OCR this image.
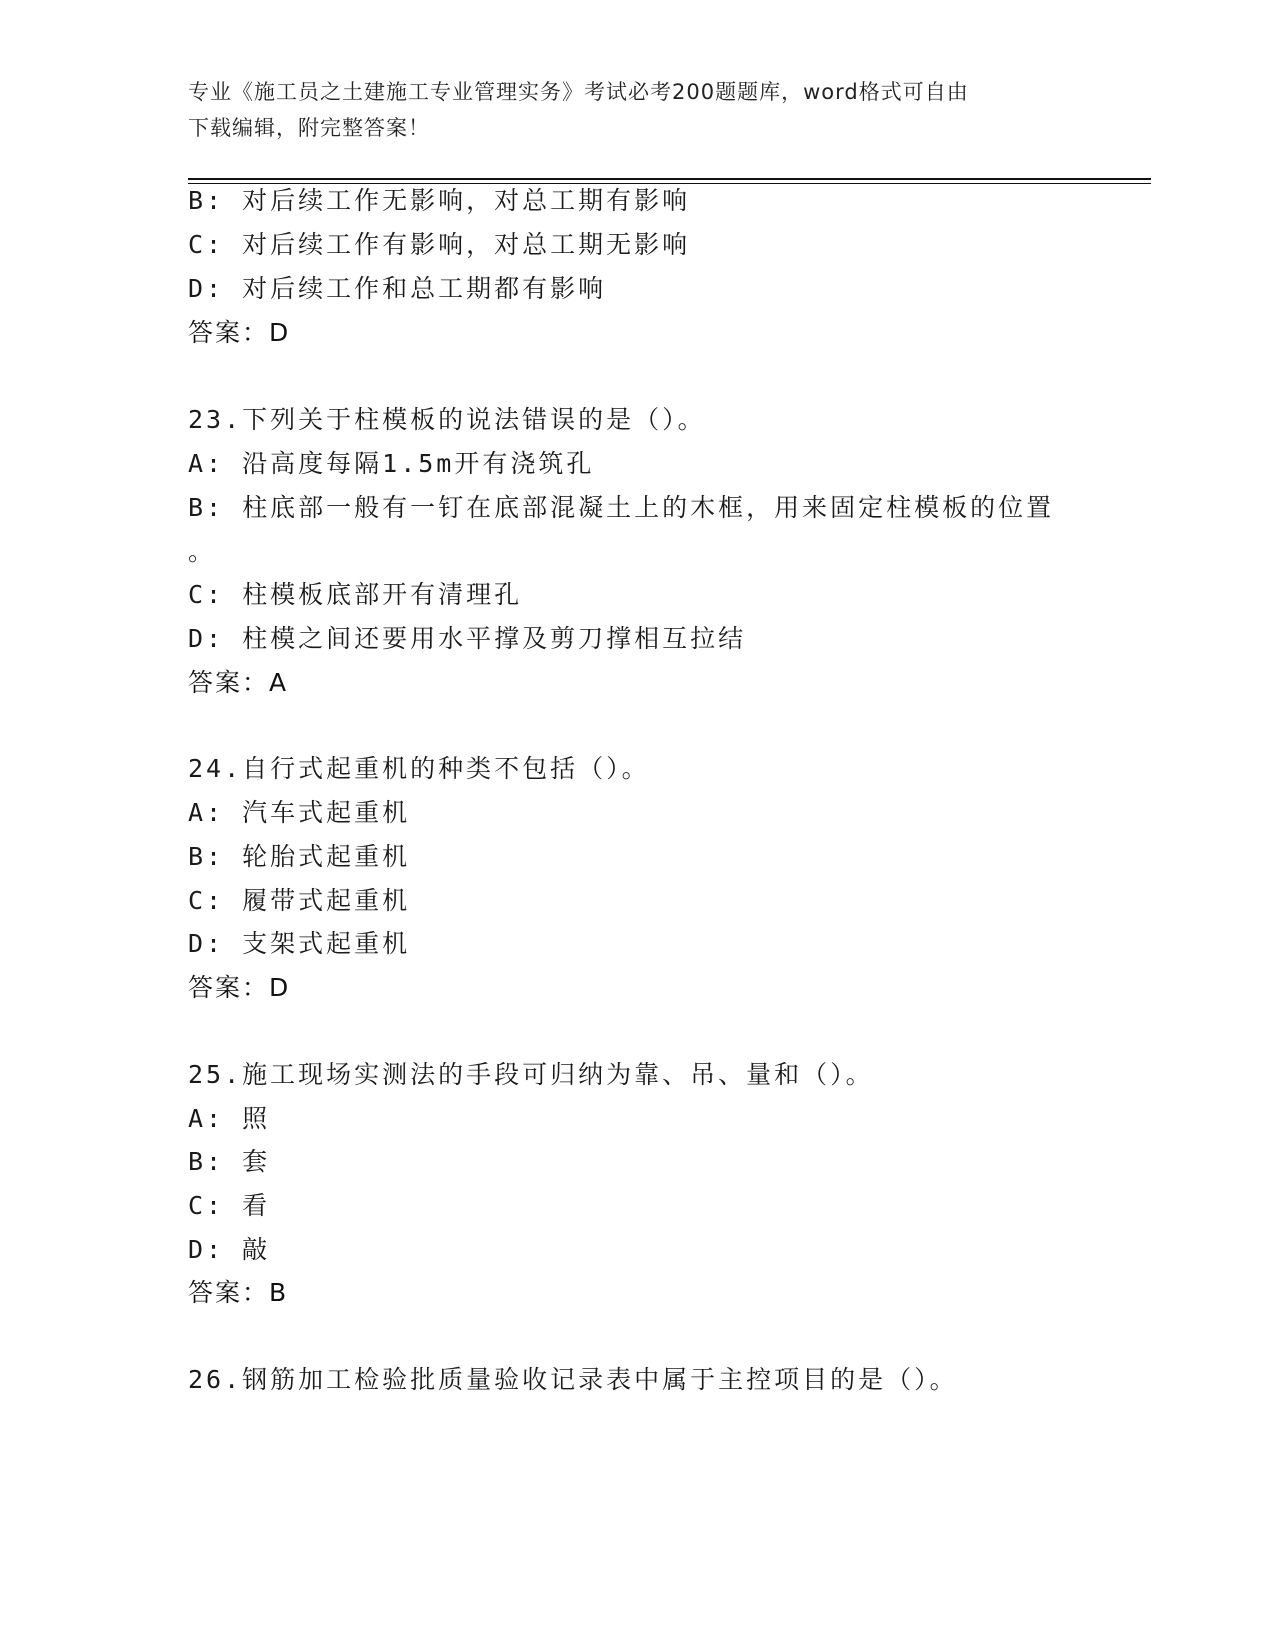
专业《施工员之土建施工专业管理实务》考试必考200题题库，word格式可自由
下载编辑，附完整答案！
B: 对后续工作无影响，对总工期有影响
C: 对后续工作有影响，对总工期无影响
D: 对后续工作和总工期都有影响
答案：D
23.下列关于柱模板的说法错误的是（）。
A: 沿高度每隔1.5m开有浇筑孔
B: 柱底部一般有一钉在底部混凝土上的木框，用来固定柱模板的位置
。
C: 柱模板底部开有清理孔
D: 柱模之间还要用水平撑及剪刀撑相互拉结
答案：A
24.自行式起重机的种类不包括（）。
A: 汽车式起重机
B: 轮胎式起重机
C: 履带式起重机
D: 支架式起重机
答案：D
25.施工现场实测法的手段可归纳为靠、吊、量和（）。
A: 照
B: 套
C: 看
D: 敲
答案：B
26.钢筋加工检验批质量验收记录表中属于主控项目的是（）。
